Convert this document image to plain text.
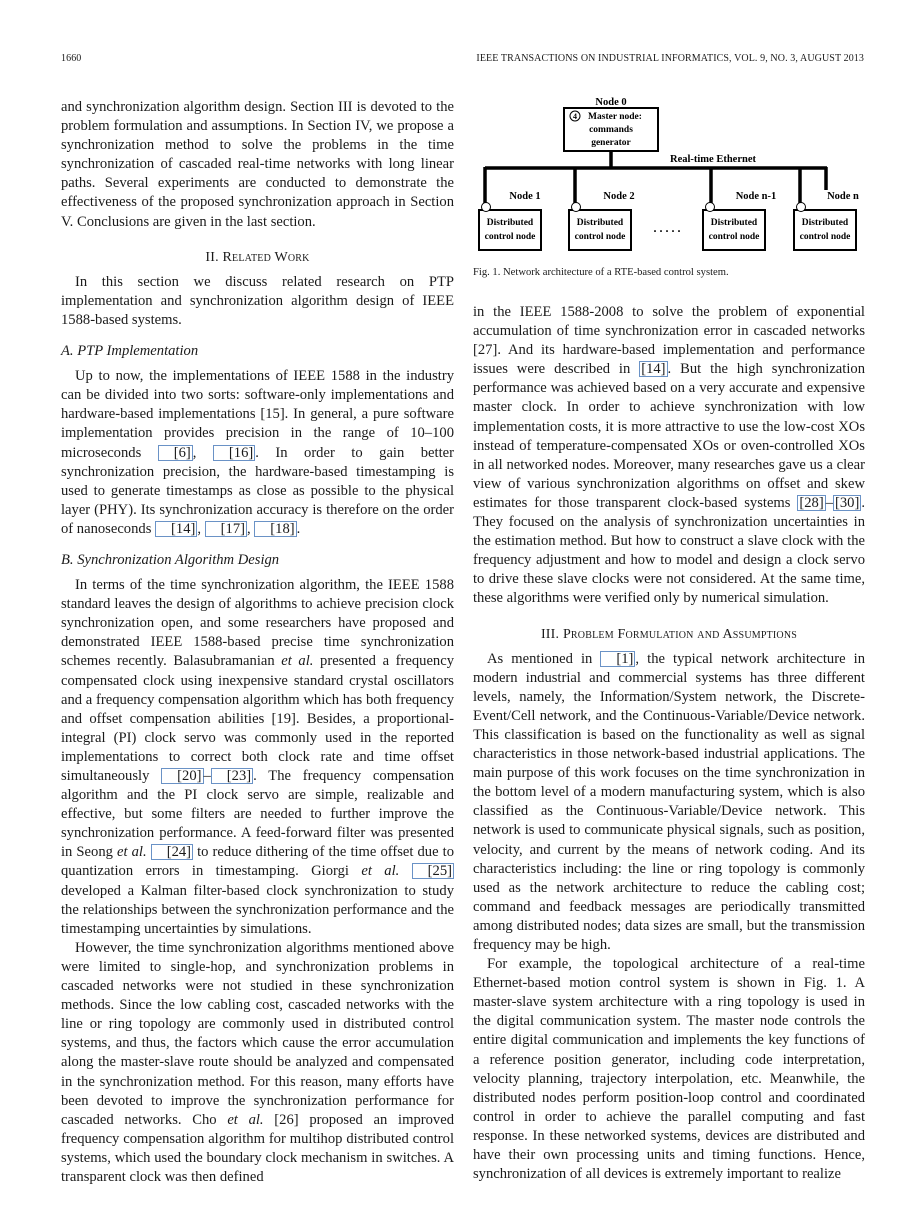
1660	IEEE TRANSACTIONS ON INDUSTRIAL INFORMATICS, VOL. 9, NO. 3, AUGUST 2013
Node 0
4 Master node:
commands
generator
Real-time Ethernet
Node 1	Node 2	Node n-1	Node n
Distributed
control node
Distributed
control node
. . . . .	Distributed
control node
Distributed
control node
Fig. 1. Network architecture of a RTE-based control system.

and synchronization algorithm design. Section III is devoted to the problem formulation and assumptions. In Section IV, we propose a synchronization method to solve the problems in the time synchronization of cascaded real-time networks with long linear paths. Several experiments are conducted to demonstrate the effectiveness of the proposed synchronization approach in Section V. Conclusions are given in the last section.

II. Related Work

In this section we discuss related research on PTP implementation and synchronization algorithm design of IEEE 1588-based systems.

A. PTP Implementation

Up to now, the implementations of IEEE 1588 in the industry can be divided into two sorts: software-only implementations and hardware-based implementations [15]. In general, a pure software implementation provides precision in the range of 10–100 microseconds [6] , [16] . In order to gain better synchronization precision, the hardware-based timestamping is used to generate timestamps as close as possible to the physical layer (PHY). Its synchronization accuracy is therefore on the order of nanoseconds [14] , [17] , [18] .

B. Synchronization Algorithm Design

In terms of the time synchronization algorithm, the IEEE 1588 standard leaves the design of algorithms to achieve precision clock synchronization open, and some researchers have proposed and demonstrated IEEE 1588-based precise time synchronization schemes recently. Balasubramanian et al. presented a frequency compensated clock using inexpensive standard crystal oscillators and a frequency compensation algorithm which has both frequency and offset compensation abilities [19]. Besides, a proportional-integral (PI) clock servo was commonly used in the reported implementations to correct both clock rate and time offset simultaneously [20] – [23] . The frequency compensation algorithm and the PI clock servo are simple, realizable and effective, but some filters are needed to further improve the synchronization performance. A feed-forward filter was presented in Seong et al. [24] to reduce dithering of the time offset due to quantization errors in timestamping. Giorgi et al. [25] developed a Kalman filter-based clock synchronization to study the relationships between the synchronization performance and the timestamping uncertainties by simulations.

However, the time synchronization algorithms mentioned above were limited to single-hop, and synchronization problems in cascaded networks were not studied in these synchronization methods. Since the low cabling cost, cascaded networks with the line or ring topology are commonly used in distributed control systems, and thus, the factors which cause the error accumulation along the master-slave route should be analyzed and compensated in the synchronization method. For this reason, many efforts have been devoted to improve the synchronization performance for cascaded networks. Cho et al. [26] proposed an improved frequency compensation algorithm for multihop distributed control systems, which used the boundary clock mechanism in switches. A transparent clock was then defined

in the IEEE 1588-2008 to solve the problem of exponential accumulation of time synchronization error in cascaded networks [27]. And its hardware-based implementation and performance issues were described in [14] . But the high synchronization performance was achieved based on a very accurate and expensive master clock. In order to achieve synchronization with low implementation costs, it is more attractive to use the low-cost XOs instead of temperature-compensated XOs or oven-controlled XOs in all networked nodes. Moreover, many researches gave us a clear view of various synchronization algorithms on offset and skew estimates for those transparent clock-based systems [28] – [30] . They focused on the analysis of synchronization uncertainties in the estimation method. But how to construct a slave clock with the frequency adjustment and how to model and design a clock servo to drive these slave clocks were not considered. At the same time, these algorithms were verified only by numerical simulation.

III. Problem Formulation and Assumptions

As mentioned in [1] , the typical network architecture in modern industrial and commercial systems has three different levels, namely, the Information/System network, the Discrete-Event/Cell network, and the Continuous-Variable/Device network. This classification is based on the functionality as well as signal characteristics in those network-based industrial applications. The main purpose of this work focuses on the time synchronization in the bottom level of a modern manufacturing system, which is also classified as the Continuous-Variable/Device network. This network is used to communicate physical signals, such as position, velocity, and current by the means of network coding. And its characteristics including: the line or ring topology is commonly used as the network architecture to reduce the cabling cost; command and feedback messages are periodically transmitted among distributed nodes; data sizes are small, but the transmission frequency may be high.

For example, the topological architecture of a real-time Ethernet-based motion control system is shown in Fig. 1. A master-slave system architecture with a ring topology is used in the digital communication system. The master node controls the entire digital communication and implements the key functions of a reference position generator, including code interpretation, velocity planning, trajectory interpolation, etc. Meanwhile, the distributed nodes perform position-loop control and coordinated control in order to achieve the parallel computing and fast response. In these networked systems, devices are distributed and have their own processing units and timing functions. Hence, synchronization of all devices is extremely important to realize
